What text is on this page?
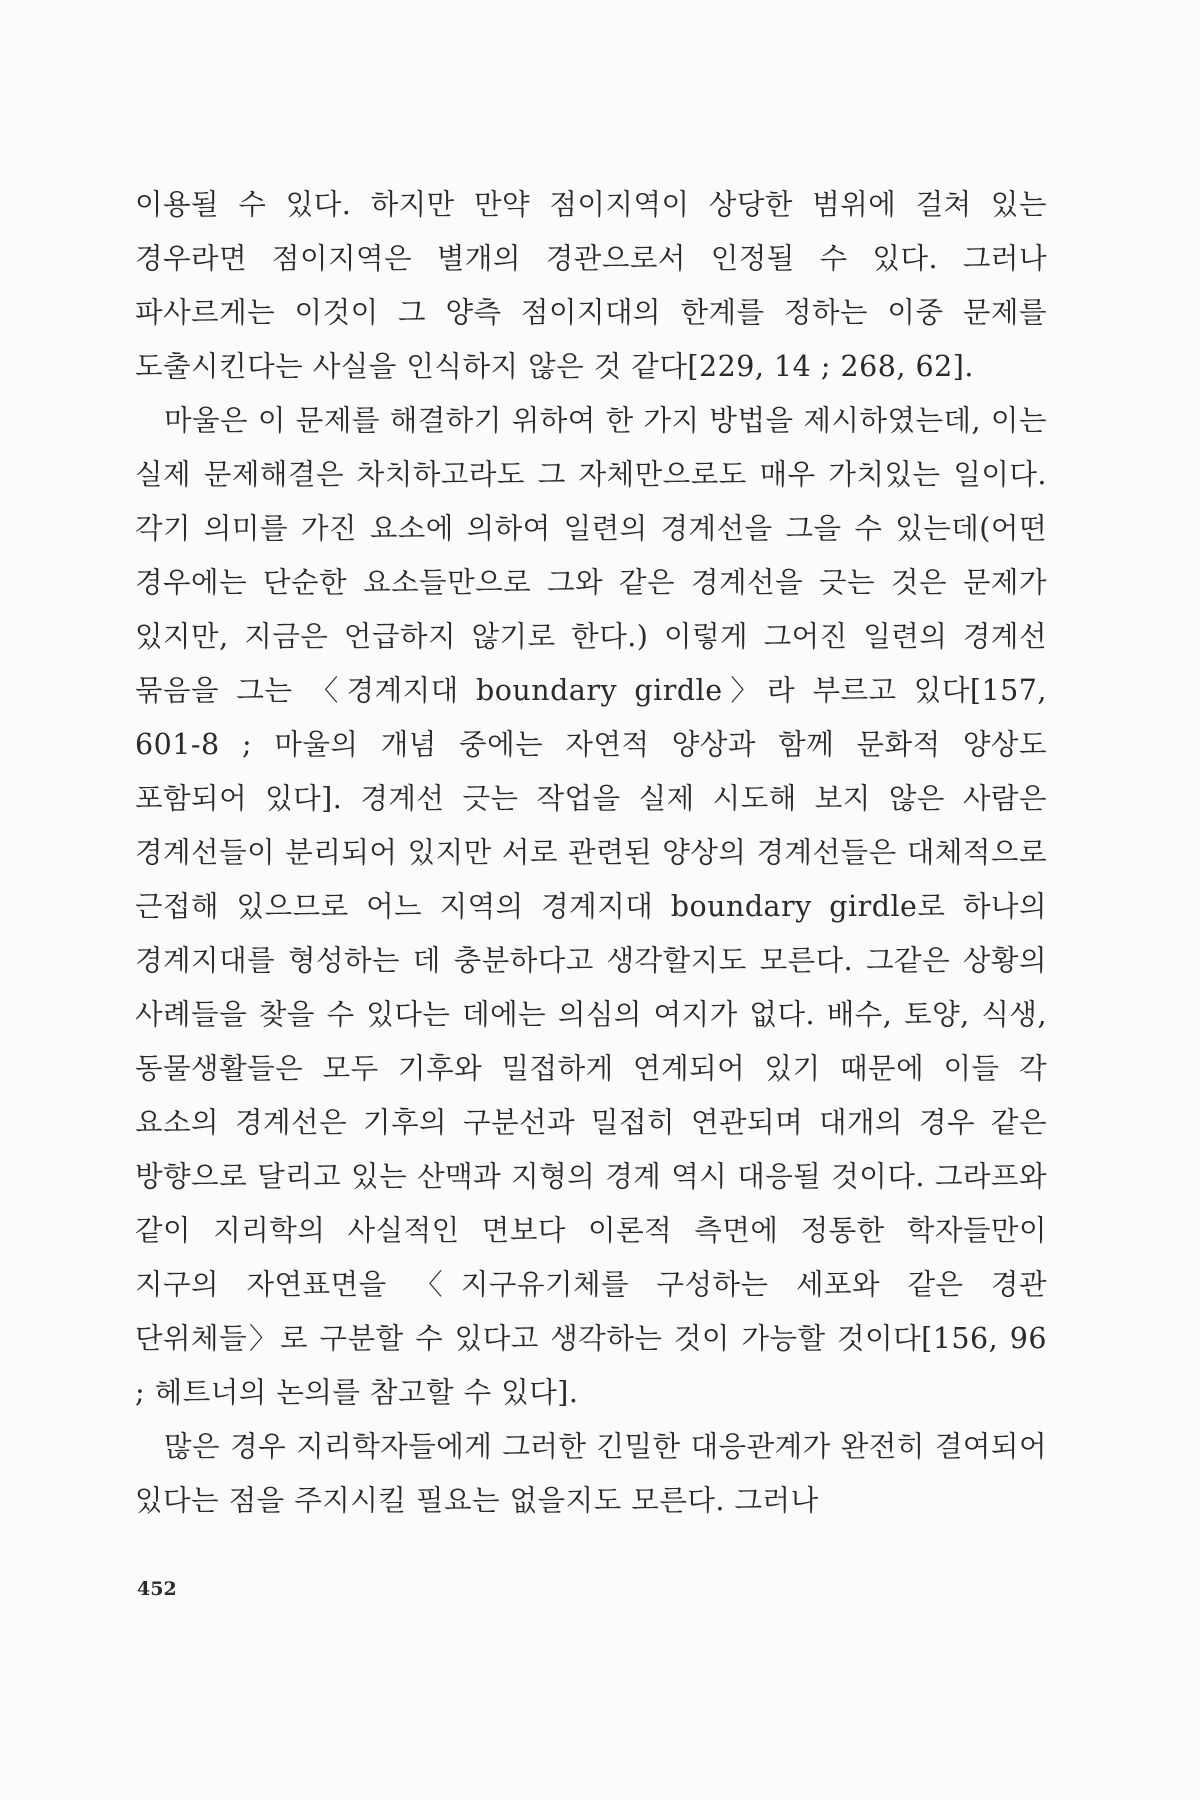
이용될 수 있다. 하지만 만약 점이지역이 상당한 범위에 걸쳐 있는 경우라면 점이지역은 별개의 경관으로서 인정될 수 있다. 그러나 파사르게는 이것이 그 양측 점이지대의 한계를 정하는 이중 문제를 도출시킨다는 사실을 인식하지 않은 것 같다[229, 14 ; 268, 62].

마울은 이 문제를 해결하기 위하여 한 가지 방법을 제시하였는데, 이는 실제 문제해결은 차치하고라도 그 자체만으로도 매우 가치있는 일이다. 각기 의미를 가진 요소에 의하여 일련의 경계선을 그을 수 있는데(어떤 경우에는 단순한 요소들만으로 그와 같은 경계선을 긋는 것은 문제가 있지만, 지금은 언급하지 않기로 한다.) 이렇게 그어진 일련의 경계선 묶음을 그는 〈경계지대 boundary girdle〉라 부르고 있다[157, 601-8 ; 마울의 개념 중에는 자연적 양상과 함께 문화적 양상도 포함되어 있다]. 경계선 긋는 작업을 실제 시도해 보지 않은 사람은 경계선들이 분리되어 있지만 서로 관련된 양상의 경계선들은 대체적으로 근접해 있으므로 어느 지역의 경계지대 boundary girdle로 하나의 경계지대를 형성하는 데 충분하다고 생각할지도 모른다. 그같은 상황의 사례들을 찾을 수 있다는 데에는 의심의 여지가 없다. 배수, 토양, 식생, 동물생활들은 모두 기후와 밀접하게 연계되어 있기 때문에 이들 각 요소의 경계선은 기후의 구분선과 밀접히 연관되며 대개의 경우 같은 방향으로 달리고 있는 산맥과 지형의 경계 역시 대응될 것이다. 그라프와 같이 지리학의 사실적인 면보다 이론적 측면에 정통한 학자들만이 지구의 자연표면을 〈지구유기체를 구성하는 세포와 같은 경관 단위체들〉로 구분할 수 있다고 생각하는 것이 가능할 것이다[156, 96 ; 헤트너의 논의를 참고할 수 있다].

많은 경우 지리학자들에게 그러한 긴밀한 대응관계가 완전히 결여되어 있다는 점을 주지시킬 필요는 없을지도 모른다. 그러나

452
